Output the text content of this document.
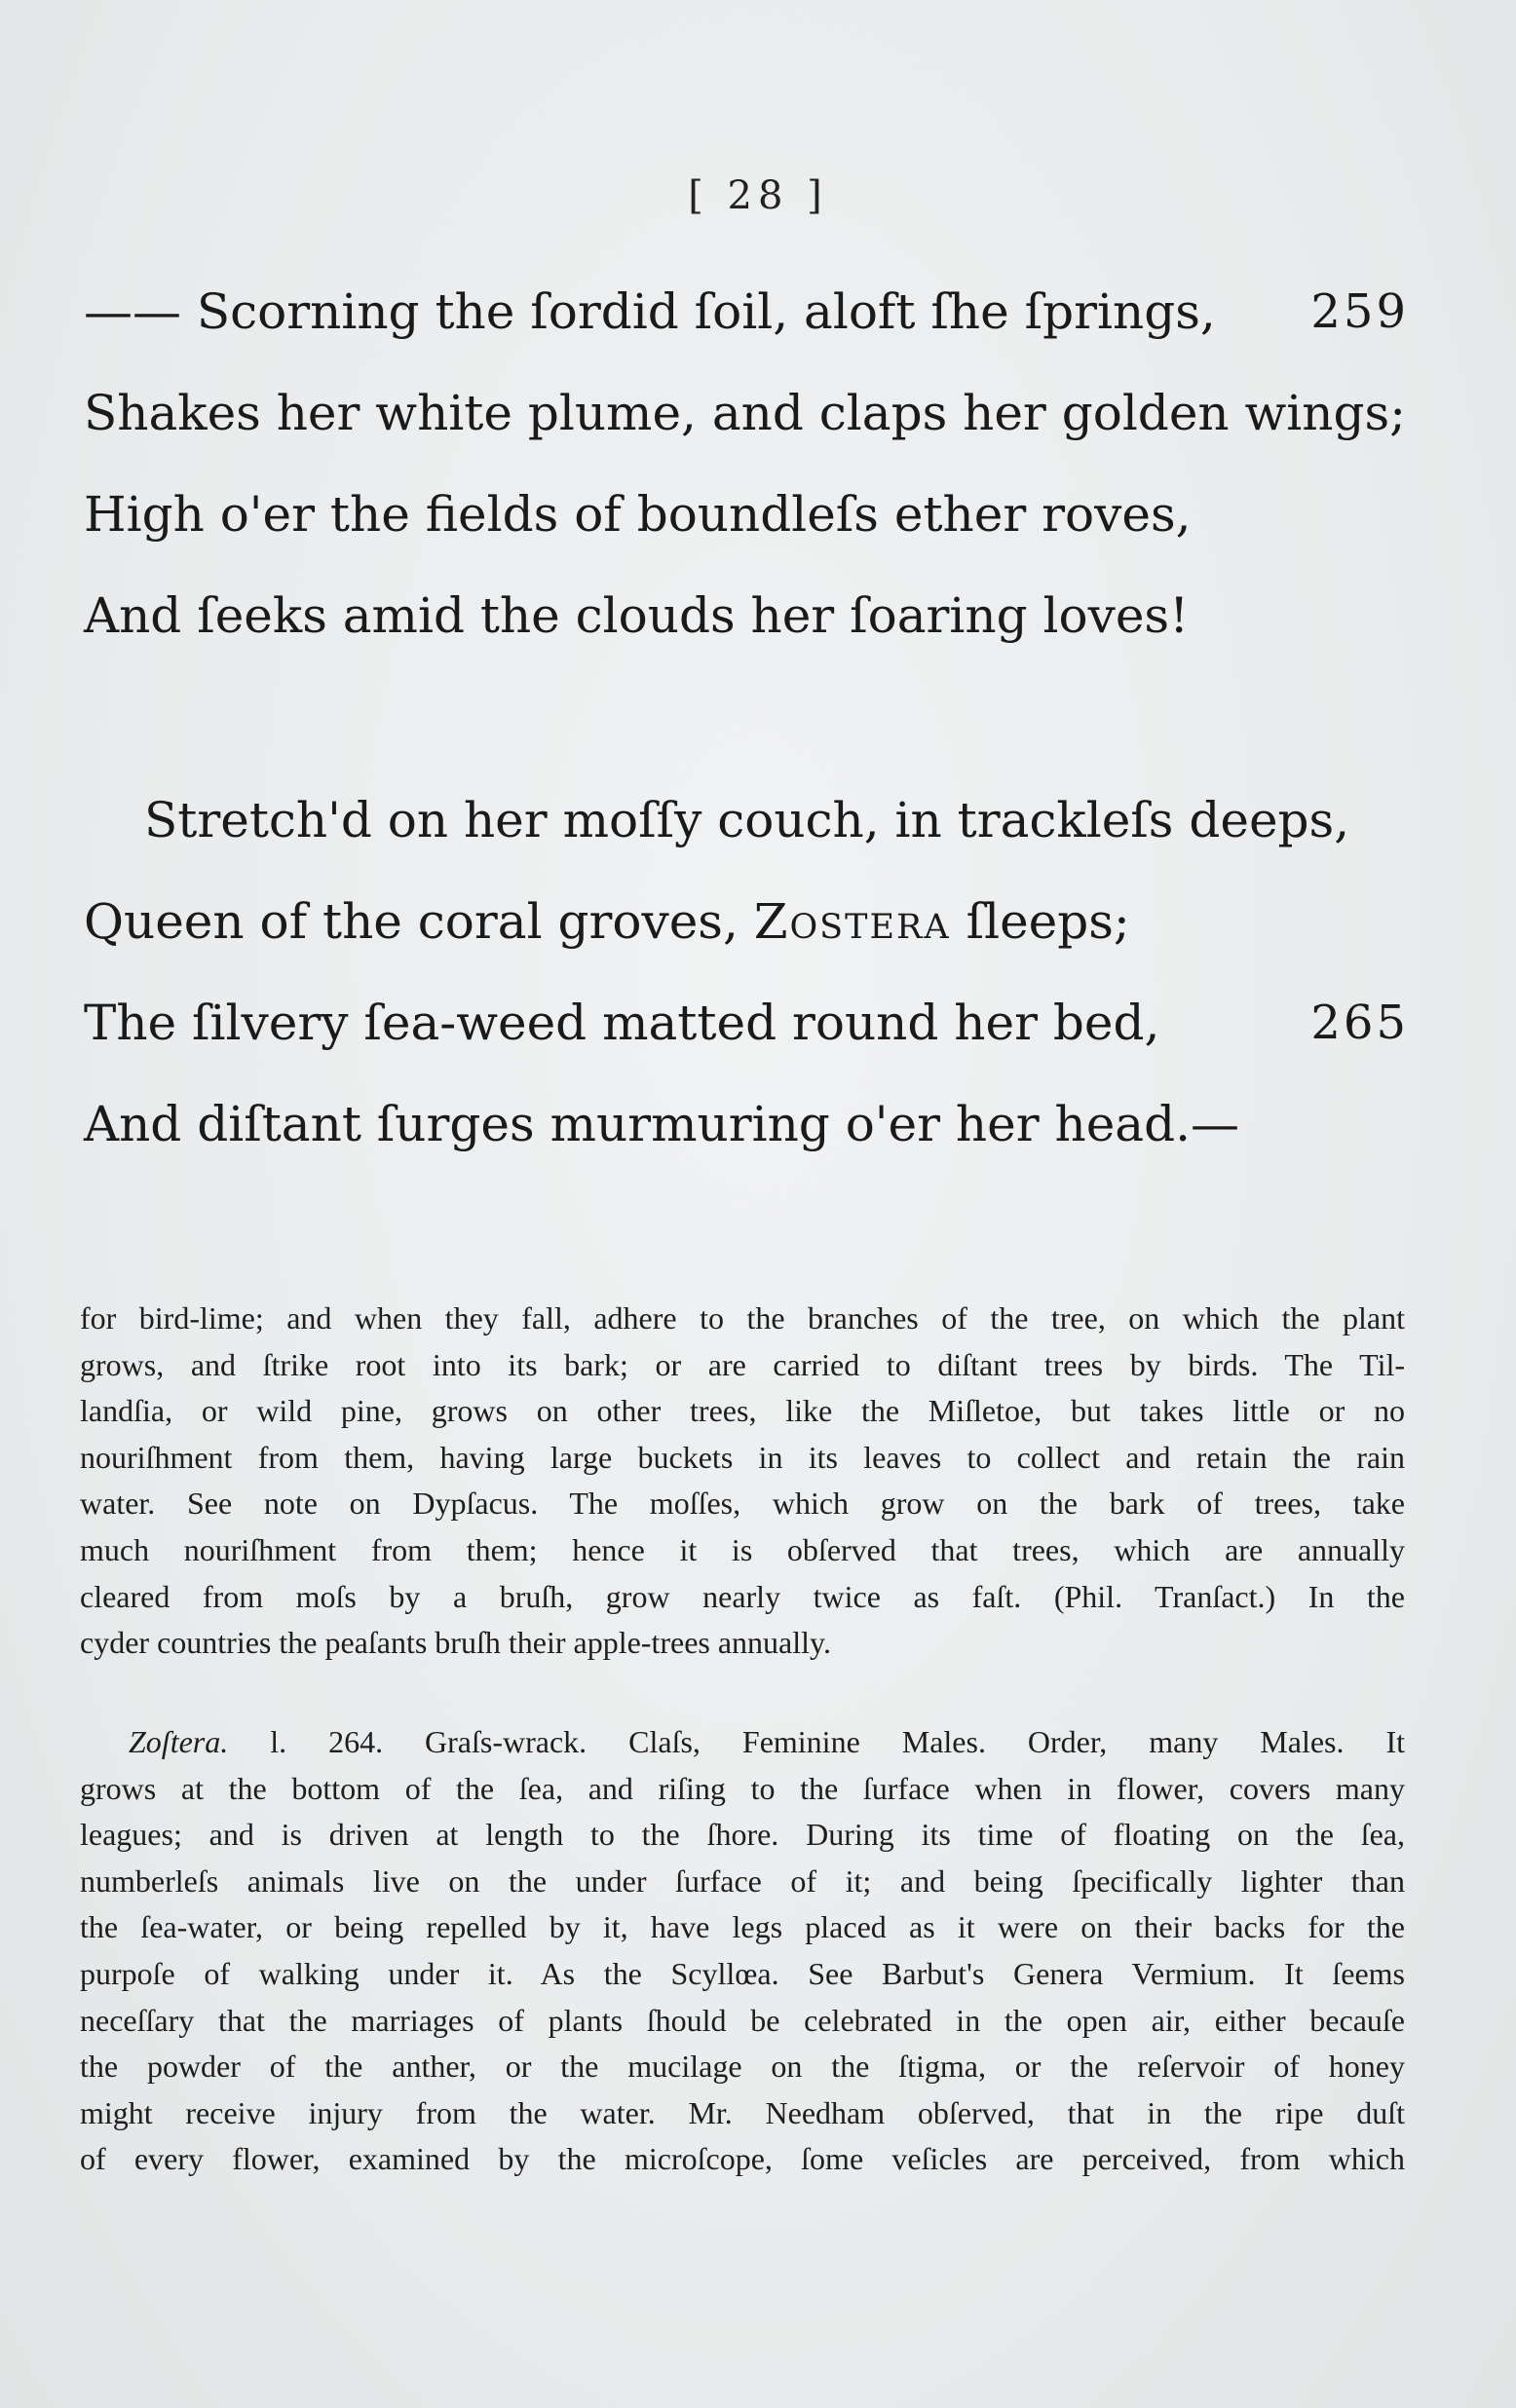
[ 28 ]
—— Scorning the ſordid ſoil, aloft ſhe ſprings, 259
Shakes her white plume, and claps her golden wings;
High o'er the fields of boundleſs ether roves,
And ſeeks amid the clouds her ſoaring loves!
Stretch'd on her moſſy couch, in trackleſs deeps,
Queen of the coral groves, Zostera ſleeps;
The ſilvery ſea-weed matted round her bed,	265
And diſtant ſurges murmuring o'er her head.—
for bird-lime; and when they fall, adhere to the branches of the tree, on which the plant
grows, and ſtrike root into its bark; or are carried to diſtant trees by birds. The Til-
landſia, or wild pine, grows on other trees, like the Miſletoe, but takes little or no
nouriſhment from them, having large buckets in its leaves to collect and retain the rain
water. See note on Dypſacus. The moſſes, which grow on the bark of trees, take
much nouriſhment from them; hence it is obſerved that trees, which are annually
cleared from moſs by a bruſh, grow nearly twice as faſt. (Phil. Tranſact.) In the
cyder countries the peaſants bruſh their apple-trees annually.
Zoſtera. l. 264. Graſs-wrack. Claſs, Feminine Males. Order, many Males. It
grows at the bottom of the ſea, and riſing to the ſurface when in flower, covers many
leagues; and is driven at length to the ſhore. During its time of floating on the ſea,
numberleſs animals live on the under ſurface of it; and being ſpecifically lighter than
the ſea-water, or being repelled by it, have legs placed as it were on their backs for the
purpoſe of walking under it. As the Scyllœa. See Barbut's Genera Vermium. It ſeems
neceſſary that the marriages of plants ſhould be celebrated in the open air, either becauſe
the powder of the anther, or the mucilage on the ſtigma, or the reſervoir of honey
might receive injury from the water. Mr. Needham obſerved, that in the ripe duſt
of every flower, examined by the microſcope, ſome veſicles are perceived, from which
